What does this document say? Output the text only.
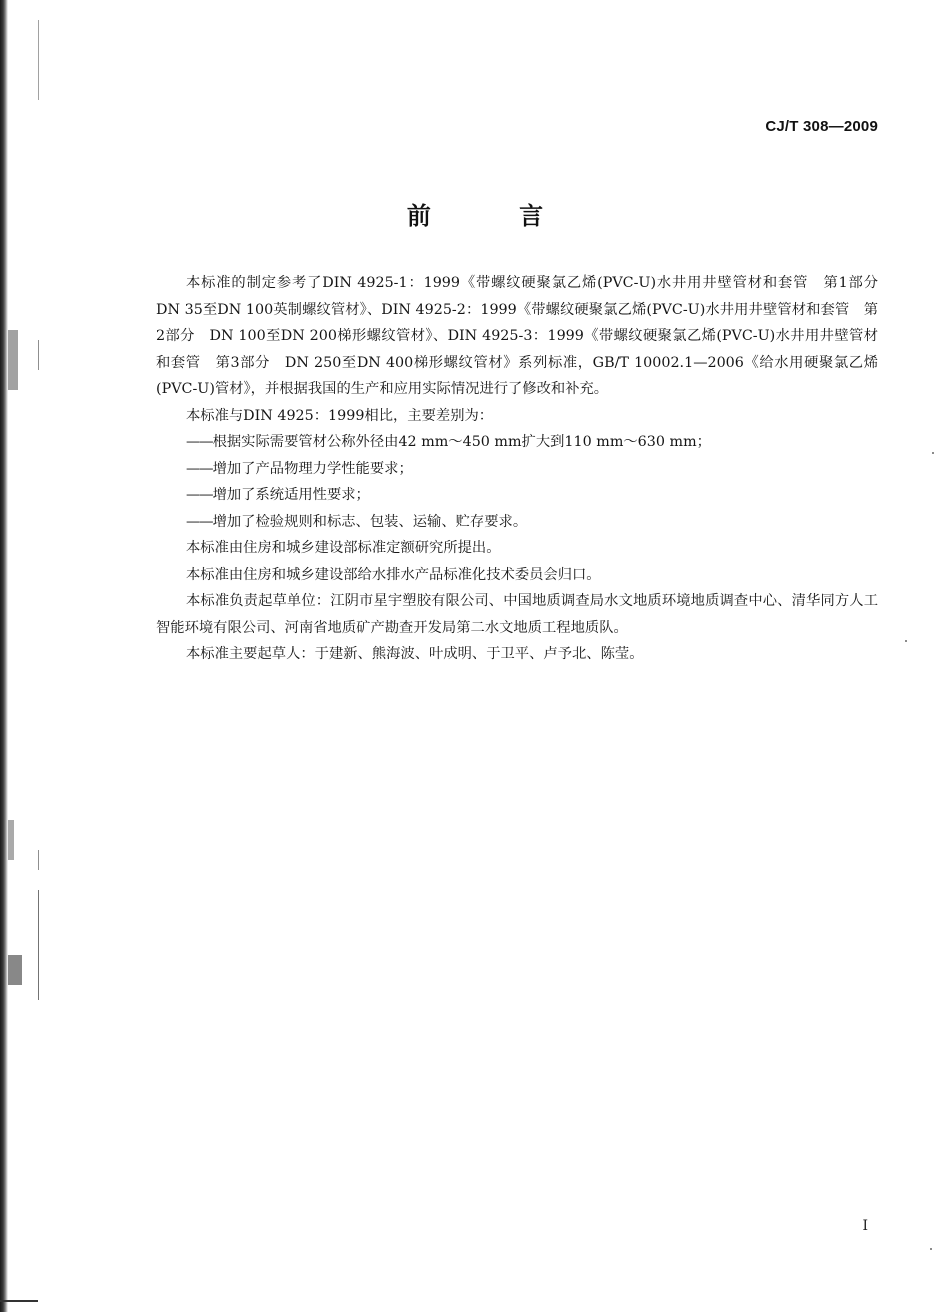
CJ/T 308—2009
前 言

本标准的制定参考了DIN 4925-1：1999《带螺纹硬聚氯乙烯(PVC-U)水井用井壁管材和套管　第1部分　DN 35至DN 100英制螺纹管材》、DIN 4925-2：1999《带螺纹硬聚氯乙烯(PVC-U)水井用井壁管材和套管　第2部分　DN 100至DN 200梯形螺纹管材》、DIN 4925-3：1999《带螺纹硬聚氯乙烯(PVC-U)水井用井壁管材和套管　第3部分　DN 250至DN 400梯形螺纹管材》系列标准，GB/T 10002.1—2006《给水用硬聚氯乙烯(PVC-U)管材》，并根据我国的生产和应用实际情况进行了修改和补充。

本标准与DIN 4925：1999相比，主要差别为：

—— 根据实际需要管材公称外径由42 mm～450 mm扩大到110 mm～630 mm；

—— 增加了产品物理力学性能要求；

—— 增加了系统适用性要求；

—— 增加了检验规则和标志、包装、运输、贮存要求。

本标准由住房和城乡建设部标准定额研究所提出。

本标准由住房和城乡建设部给水排水产品标准化技术委员会归口。

本标准负责起草单位：江阴市星宇塑胶有限公司、中国地质调查局水文地质环境地质调查中心、清华同方人工智能环境有限公司、河南省地质矿产勘查开发局第二水文地质工程地质队。

本标准主要起草人：于建新、熊海波、叶成明、于卫平、卢予北、陈莹。

I
